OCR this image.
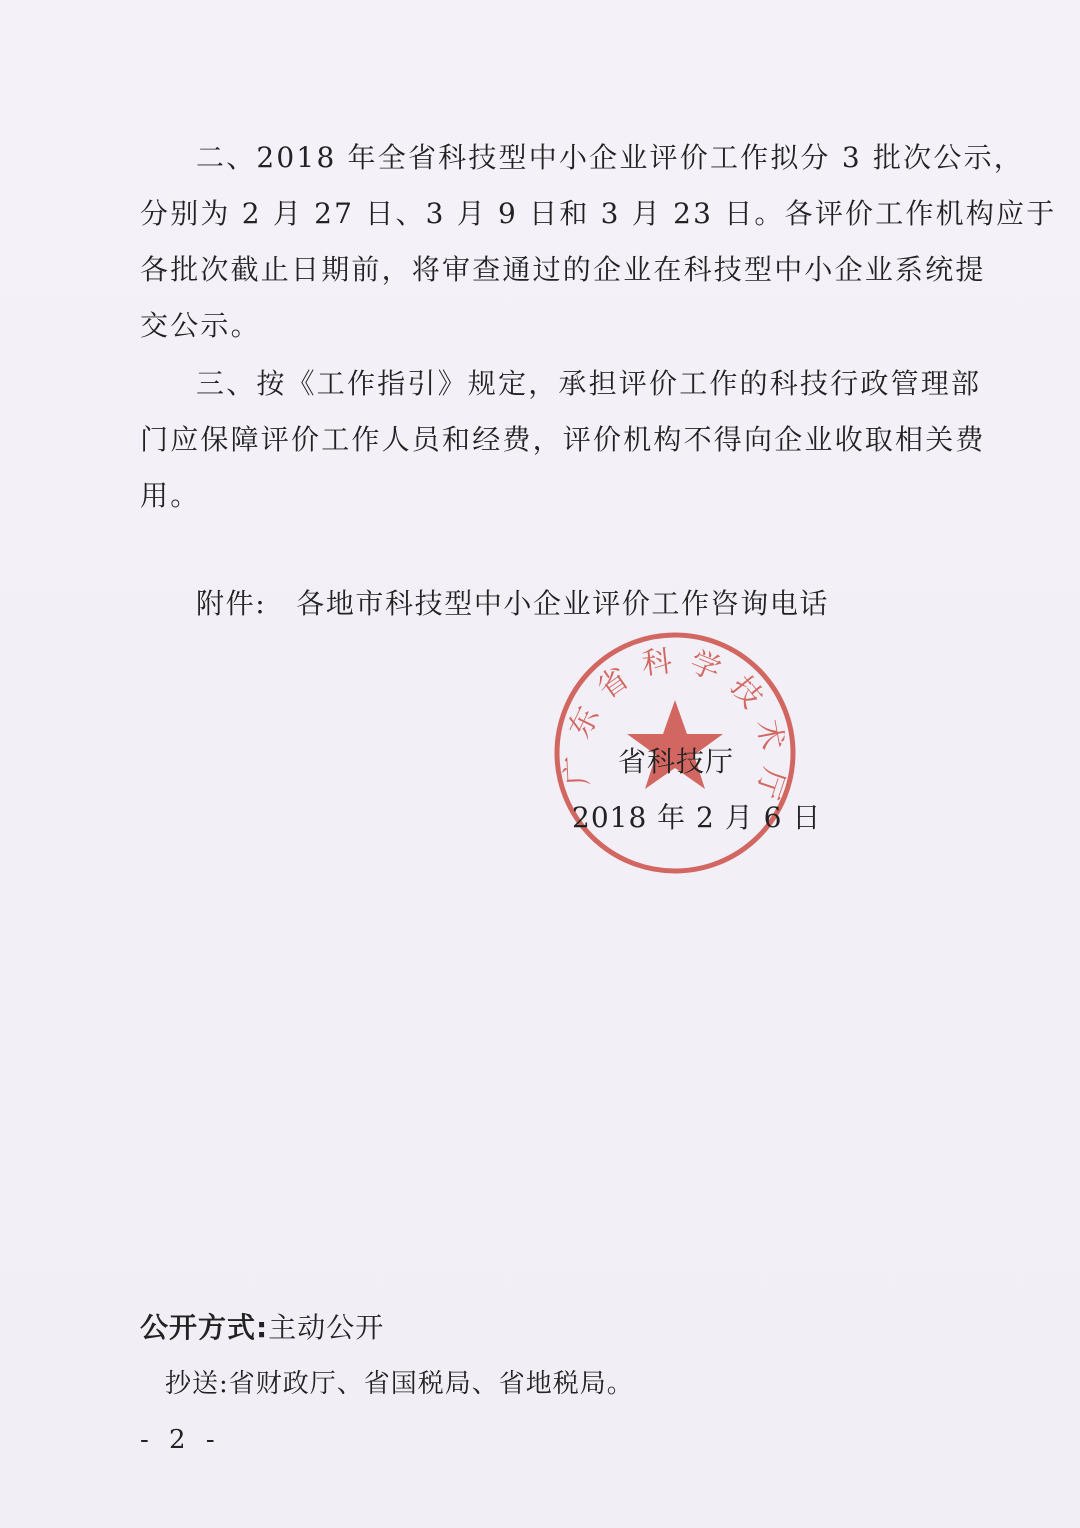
二、2018 年全省科技型中小企业评价工作拟分 3 批次公示，
分别为 2 月 27 日、3 月 9 日和 3 月 23 日。各评价工作机构应于
各批次截止日期前，将审查通过的企业在科技型中小企业系统提
交公示。
三、按《工作指引》规定，承担评价工作的科技行政管理部
门应保障评价工作人员和经费，评价机构不得向企业收取相关费
用。
附件: 各地市科技型中小企业评价工作咨询电话
广东省科学技术厅
省科技厅
2018 年 2 月 6 日
公开方式:主动公开
抄送:省财政厅、省国税局、省地税局。
- 2 -
